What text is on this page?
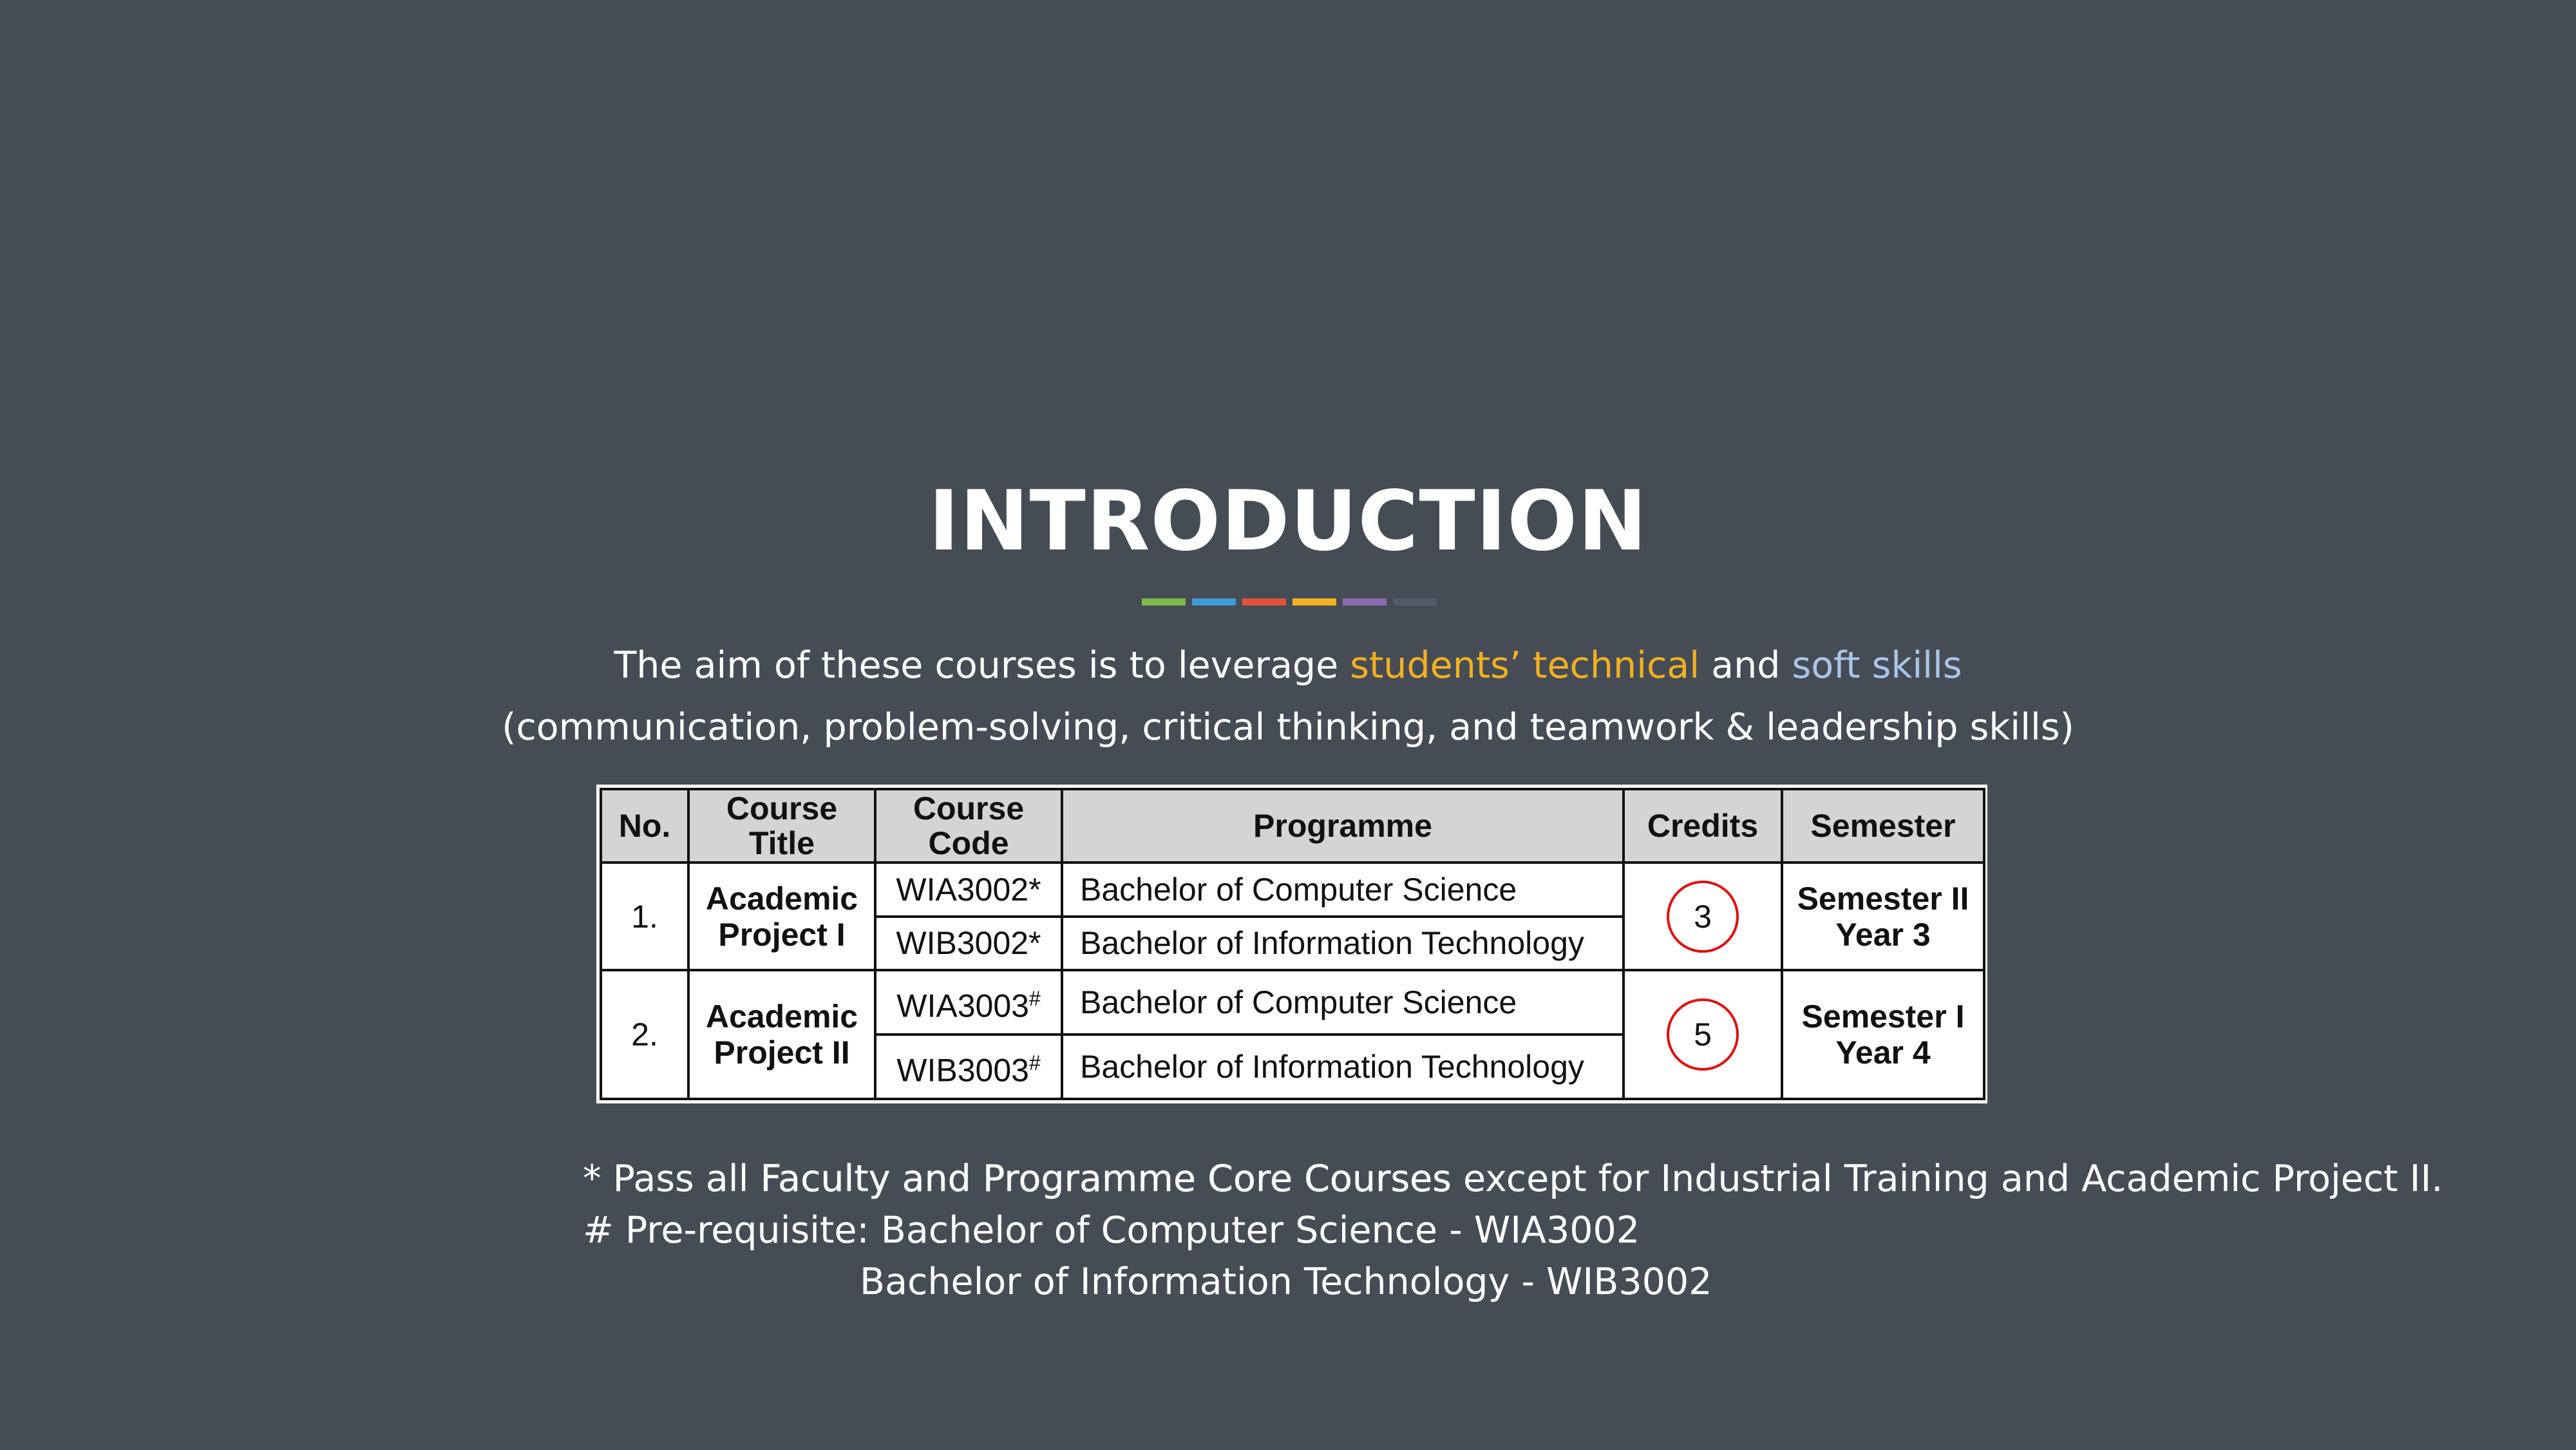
INTRODUCTION
The aim of these courses is to leverage students’ technical and soft skills
(communication, problem-solving, critical thinking, and teamwork & leadership skills)
No.	Course Title	Course Code	Programme	Credits	Semester
1.	Academic Project I	WIA3002*	Bachelor of Computer Science	3	Semester II
Year 3

		WIB3002*	Bachelor of Information Technology		
2.	Academic Project II	WIA3003#	Bachelor of Computer Science	5	Semester I
Year 4

		WIB3003#	Bachelor of Information Technology		
* Pass all Faculty and Programme Core Courses except for Industrial Training and Academic Project II.
# Pre-requisite: Bachelor of Computer Science - WIA3002
Bachelor of Information Technology - WIB3002
